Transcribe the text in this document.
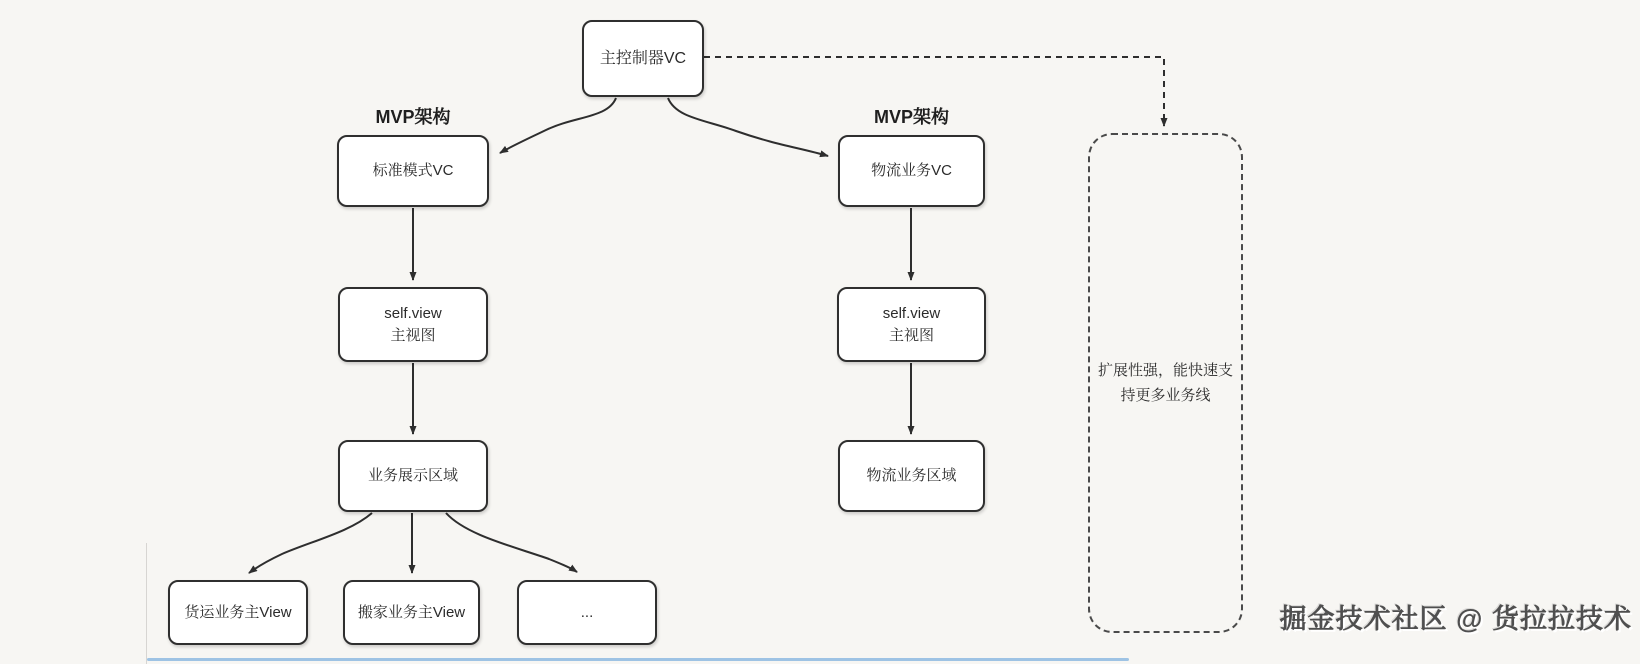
主控制器VC
MVP架构	MVP架构
标准模式VC	物流业务VC
self.view
主视图
self.view
主视图
业务展示区域	物流业务区域
货运业务主View	搬家业务主View	...
扩展性强，能快速支
持更多业务线
掘金技术社区 @ 货拉拉技术
